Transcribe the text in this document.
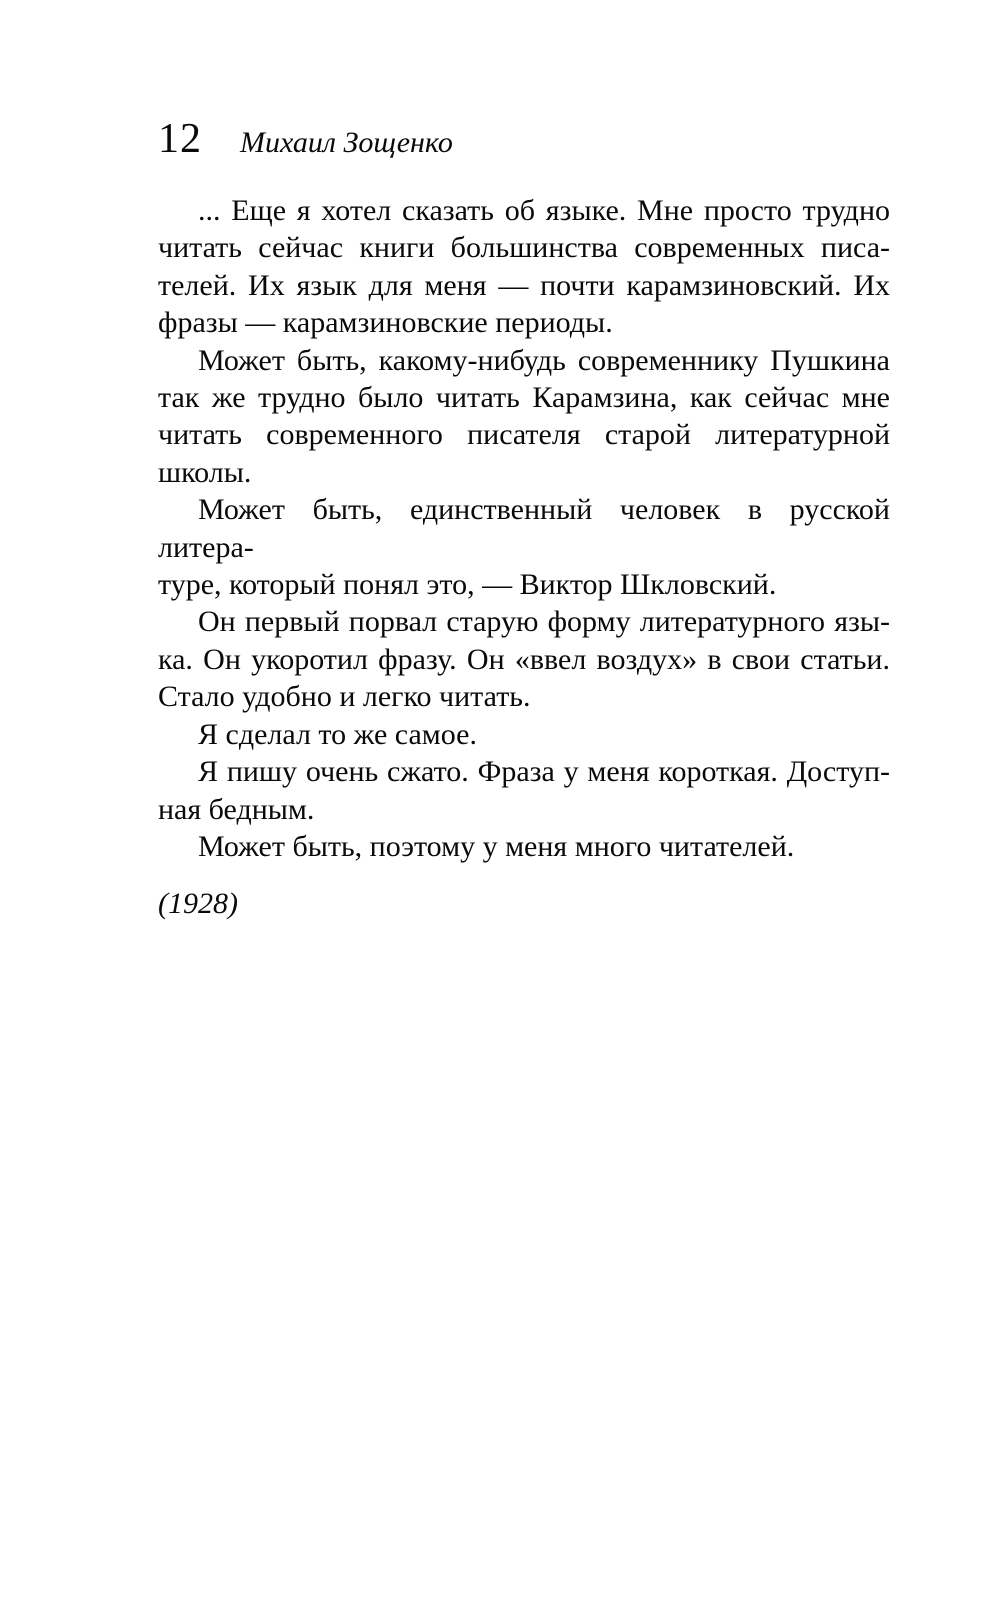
12 Михаил Зощенко
... Еще я хотел сказать об языке. Мне просто трудно
читать сейчас книги большинства современных писа-
телей. Их язык для меня — почти карамзиновский. Их
фразы — карамзиновские периоды.
Может быть, какому-нибудь современнику Пушкина
так же трудно было читать Карамзина, как сейчас мне
читать современного писателя старой литературной
школы.
Может быть, единственный человек в русской литера-
туре, который понял это, — Виктор Шкловский.
Он первый порвал старую форму литературного язы-
ка. Он укоротил фразу. Он «ввел воздух» в свои статьи.
Стало удобно и легко читать.
Я сделал то же самое.
Я пишу очень сжато. Фраза у меня короткая. Доступ-
ная бедным.
Может быть, поэтому у меня много читателей.
(1928)
